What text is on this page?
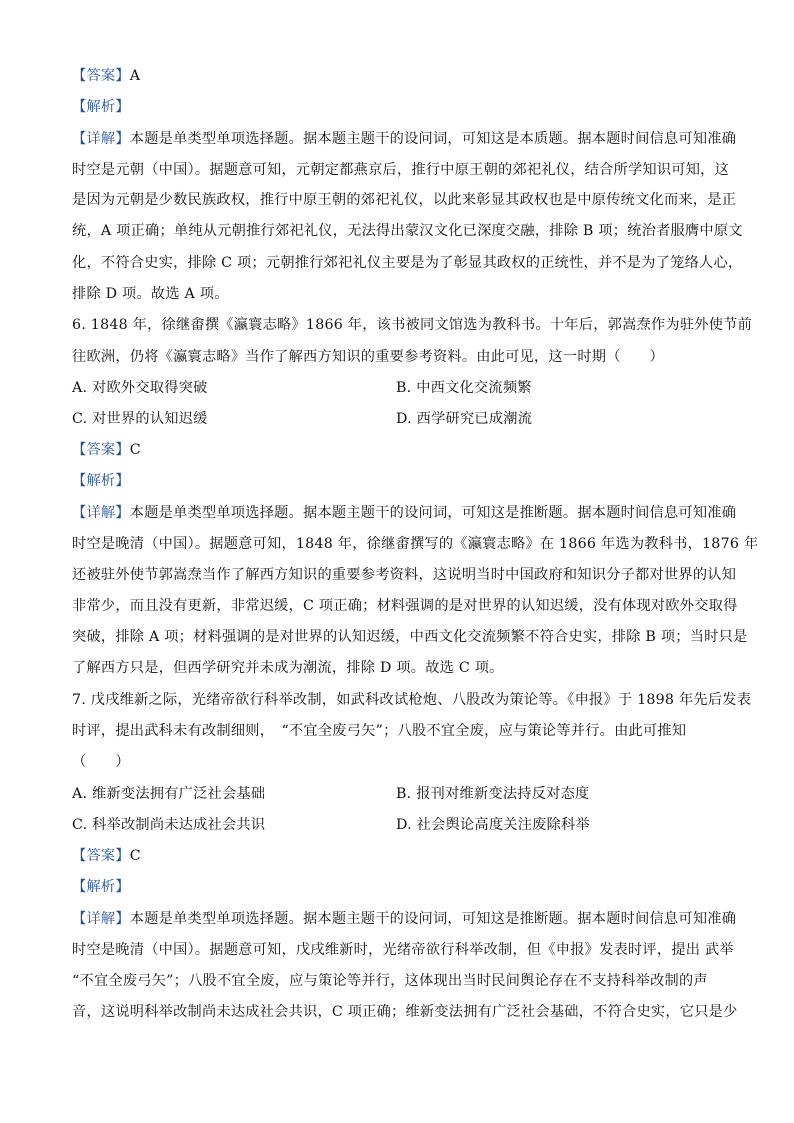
【答案】A
【解析】
【详解】本题是单类型单项选择题。据本题主题干的设问词，可知这是本质题。据本题时间信息可知准确
时空是元朝（中国）。据题意可知，元朝定都燕京后，推行中原王朝的郊祀礼仪，结合所学知识可知，这
是因为元朝是少数民族政权，推行中原王朝的郊祀礼仪，以此来彰显其政权也是中原传统文化而来，是正
统，A 项正确；单纯从元朝推行郊祀礼仪，无法得出蒙汉文化已深度交融，排除 B 项；统治者服膺中原文
化，不符合史实，排除 C 项；元朝推行郊祀礼仪主要是为了彰显其政权的正统性，并不是为了笼络人心，
排除 D 项。故选 A 项。
6. 1848 年，徐继畬撰《瀛寰志略》1866 年，该书被同文馆选为教科书。十年后，郭嵩焘作为驻外使节前
往欧洲，仍将《瀛寰志略》当作了解西方知识的重要参考资料。由此可见，这一时期（　　）
A. 对欧外交取得突破	B. 中西文化交流频繁
C. 对世界的认知迟缓	D. 西学研究已成潮流
【答案】C
【解析】
【详解】本题是单类型单项选择题。据本题主题干的设问词，可知这是推断题。据本题时间信息可知准确
时空是晚清（中国）。据题意可知，1848 年，徐继畬撰写的《瀛寰志略》在 1866 年选为教科书，1876 年
还被驻外使节郭嵩焘当作了解西方知识的重要参考资料，这说明当时中国政府和知识分子都对世界的认知
非常少，而且没有更新，非常迟缓，C 项正确；材料强调的是对世界的认知迟缓，没有体现对欧外交取得
突破，排除 A 项；材料强调的是对世界的认知迟缓，中西文化交流频繁不符合史实，排除 B 项；当时只是
了解西方只是，但西学研究并未成为潮流，排除 D 项。故选 C 项。
7. 戊戌维新之际，光绪帝欲行科举改制，如武科改试枪炮、八股改为策论等。《申报》于 1898 年先后发表
时评，提出武科未有改制细则，　“不宜全废弓矢”；八股不宜全废，应与策论等并行。由此可推知
（　　）
A. 维新变法拥有广泛社会基础	B. 报刊对维新变法持反对态度
C. 科举改制尚未达成社会共识	D. 社会舆论高度关注废除科举
【答案】C
【解析】
【详解】本题是单类型单项选择题。据本题主题干的设问词，可知这是推断题。据本题时间信息可知准确
时空是晚清（中国）。据题意可知，戊戌维新时，光绪帝欲行科举改制，但《申报》发表时评，提出 武举
“不宜全废弓矢”；八股不宜全废，应与策论等并行，这体现出当时民间舆论存在不支持科举改制的声
音，这说明科举改制尚未达成社会共识，C 项正确；维新变法拥有广泛社会基础，不符合史实，它只是少
